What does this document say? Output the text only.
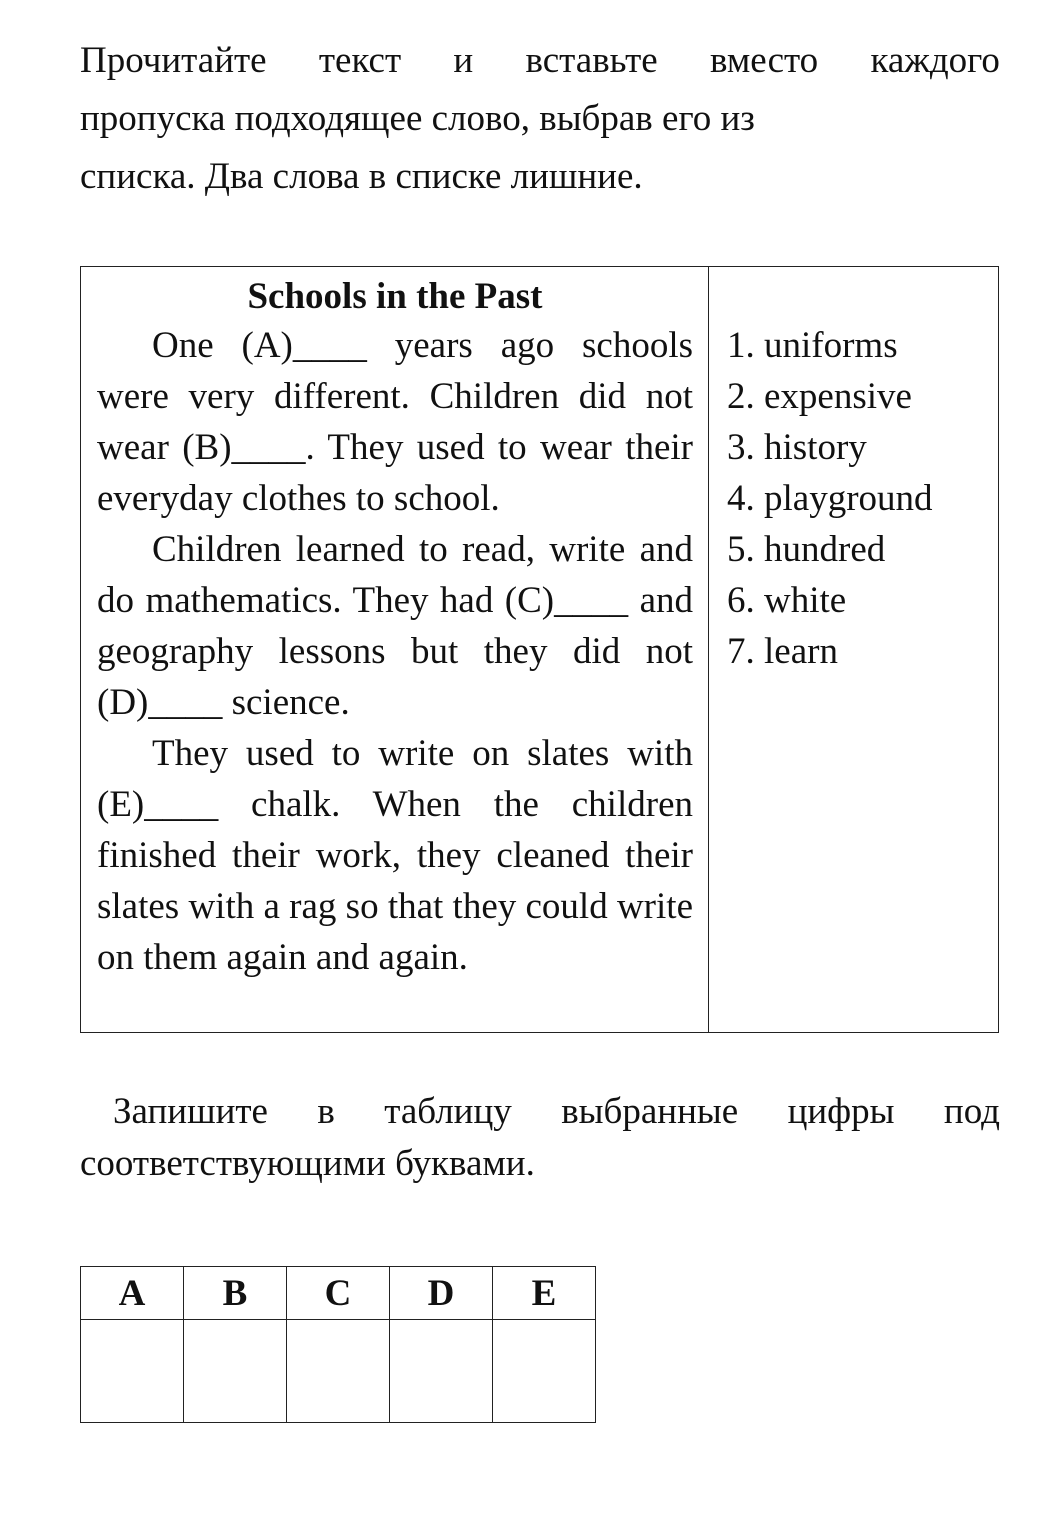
Прочитайте текст и вставьте вместо каждого
пропуска подходящее слово, выбрав его из
списка. Два слова в списке лишние.
Schools in the Past

One (A)____ years ago schools were very different. Children did not wear (B)____. They used to wear their everyday clothes to school.

Children learned to read, write and do mathematics. They had (C)____ and geography lessons but they did not (D)____ science.

They used to write on slates with (E)____ chalk. When the children finished their work, they cleaned their slates with a rag so that they could write on them again and again.

1. uniforms
2. expensive
3. history
4. playground
5. hundred
6. white
7. learn
Запишите в таблицу выбранные цифры под
соответствующими буквами.
A	B	C	D	E
